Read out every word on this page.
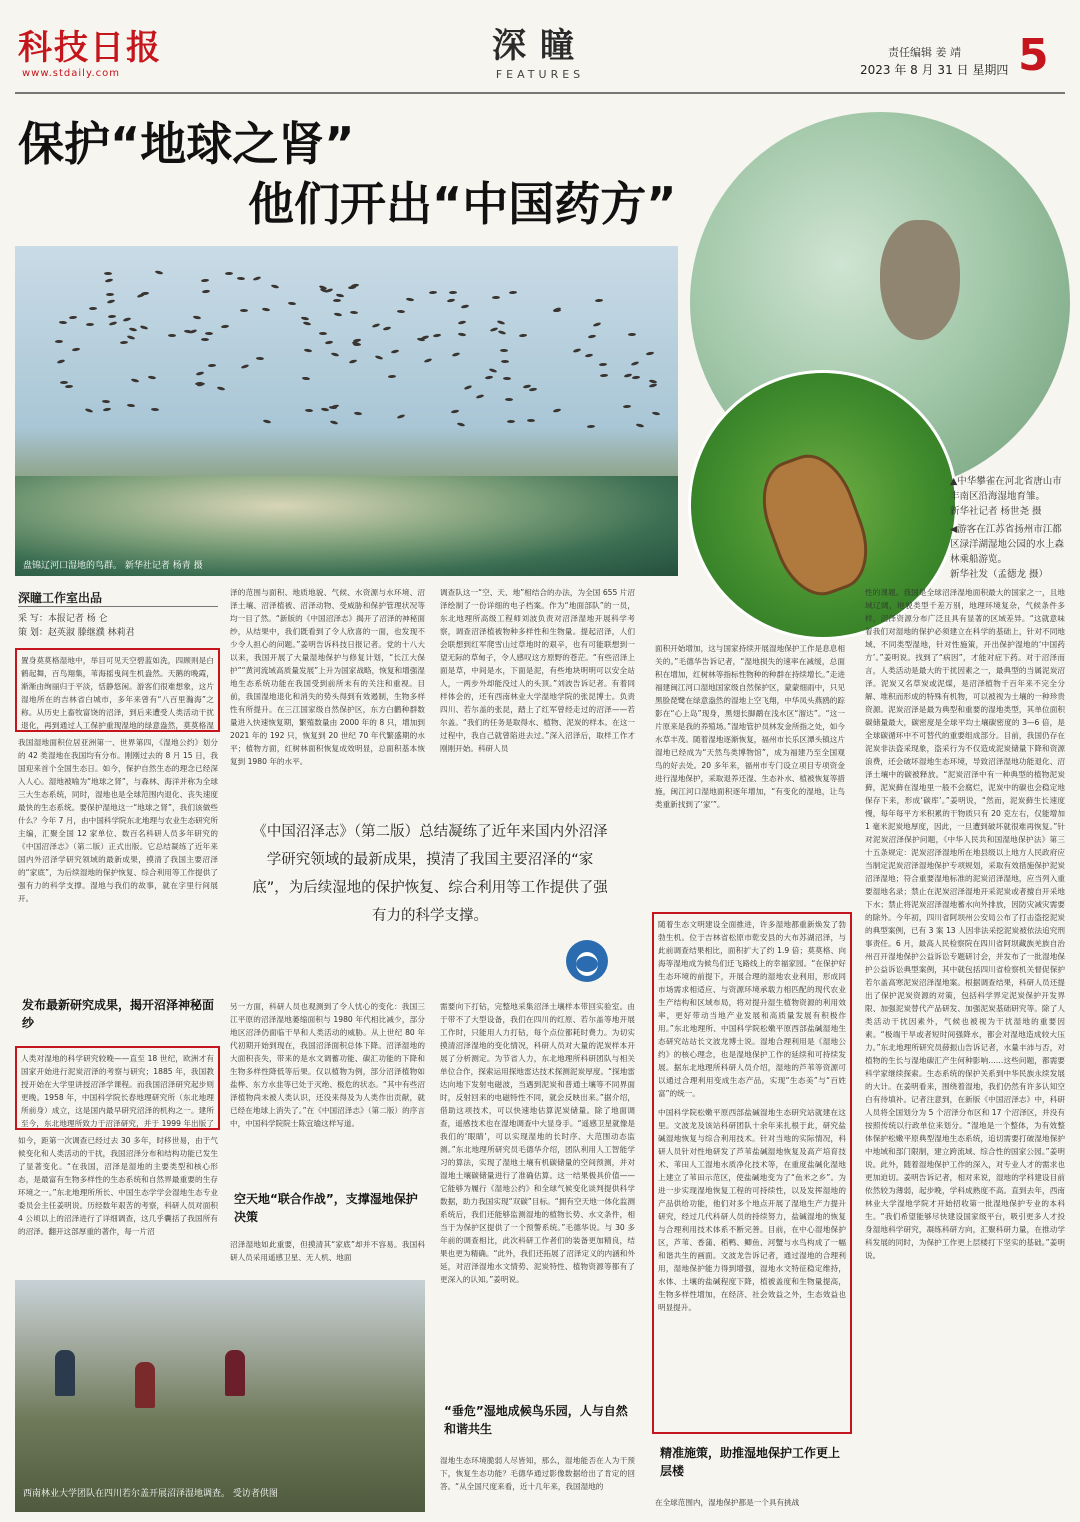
科技日报
www.stdaily.com
深瞳
FEATURES
责任编辑 姜 靖
2023 年 8 月 31 日 星期四 5
保护“地球之肾”
他们开出“中国药方”
▲中华攀雀在河北省唐山市丰南区沿海湿地育雏。
新华社记者 杨世尧 摄
◀游客在江苏省扬州市江都区渌洋湖湿地公园的水上森林乘船游览。
新华社发（孟德龙 摄）
盘锦辽河口湿地的鸟群。 新华社记者 杨青 摄
深瞳工作室出品
采 写：本报记者 杨 仑
策 划：赵英淑 滕继濮 林莉君
置身莫莫格湿地中，举目可见天空碧蓝如洗，四顾则是白鹤起舞，百鸟翔集，苇海摇曳间生机盎然。天鹅的晚霞，渐渐由绚丽归于平淡，恬静悠闲。游客们很难想象，这片湿地所在的吉林省白城市，多年来曾有“八百里瀚海”之称。从历史上畜牧富饶的沼泽，到后来遭受人类活动干扰退化，再到通过人工保护重现湿地的绿意盎然，莫莫格湿
我国湿地面积位居亚洲第一、世界第四，《湿地公约》划分的 42 类湿地在我国均有分布。刚刚过去的 8 月 15 日，我国迎来首个全国生态日。如今，保护自然生态的理念已经深入人心。湿地被喻为“地球之肾”，与森林、海洋并称为全球三大生态系统，同时，湿地也是全球范围内退化、丧失速度最快的生态系统。要保护湿地这一“地球之肾”，我们该做些什么？今年 7 月，由中国科学院东北地理与农业生态研究所主编，汇聚全国 12 家单位、数百名科研人员多年研究的《中国沼泽志》（第二版）正式出版。它总结凝练了近年来国内外沼泽学研究领域的最新成果，摸清了我国主要沼泽的“家底”，为后续湿地的保护恢复、综合利用等工作提供了强有力的科学支撑。湿地与我们的故事，就在字里行间展开。
发布最新研究成果，揭开沼泽神秘面纱
人类对湿地的科学研究较晚——直至 18 世纪，欧洲才有国家开始进行泥炭沼泽的考察与研究；1885 年，我国教授开始在大学里讲授沼泽学课程。而我国沼泽研究起步则更晚。1958 年，中国科学院长春地理研究所（东北地理所前身）成立，这是国内最早研究沼泽的机构之一。建所至今，东北地理所致力于沼泽研究，并于 1999 年出版了
如今，距第一次调查已经过去 30 多年，时移世易，由于气候变化和人类活动的干扰，我国沼泽分布和结构功能已发生了显著变化。“在我国，沼泽是湿地的主要类型和核心形态，是最富有生物多样性的生态系统和自然界最重要的生存环境之一。”东北地理所所长、中国生态学学会湿地生态专业委员会主任姜明说。历经数年艰苦的考察，科研人员对面积 4 公顷以上的沼泽进行了详细调查，这几乎囊括了我国所有的沼泽。翻开这部厚重的著作，每一片沼
泽的范围与面积、地质地貌、气候、水资源与水环境、沼泽土壤、沼泽植被、沼泽动物、受威胁和保护管理状况等均一目了然。“新版的《中国沼泽志》揭开了沼泽的神秘面纱，从结果中，我们既看到了令人欣喜的一面，也发现不少令人担心的问题。”姜明告诉科技日报记者。党的十八大以来，我国开展了大量湿地保护与修复计划，“长江大保护”“黄河流域高质量发展”上升为国家战略，恢复和增强湿地生态系统功能在我国受到前所未有的关注和重视。目前，我国湿地退化和消失的势头得到有效遏制，生物多样性有所提升。在三江国家级自然保护区，东方白鹳种群数量进入快速恢复期，繁殖数量由 2000 年的 8 只，增加到 2021 年的 192 只，恢复到 20 世纪 70 年代繁盛期的水平；植物方面，红树林面积恢复成效明显，总面积基本恢复到 1980 年的水平。
另一方面，科研人员也观测到了令人忧心的变化：我国三江平原的沼泽湿地萎缩面积与 1980 年代相比减少，部分地区沼泽仍面临干旱和人类活动的威胁。从上世纪 80 年代初期开始到现在，我国沼泽面积总体下降。沼泽湿地的大面积丧失，带来的是水文调蓄功能、碳汇功能的下降和生物多样性降低等后果。仅以植物为例，部分沼泽植物如盐桦、东方水韭等已处于灭绝、极危的状态。“其中有些沼泽植物尚未被人类认识，还没来得及为人类作出贡献，就已经在地球上消失了。”在《中国沼泽志》（第二版）的序言中，中国科学院院士陈宜瑜这样写道。
空天地“联合作战”，支撑湿地保护决策
沼泽湿地如此重要，但摸清其“家底”却并不容易。我国科研人员采用遥感卫星、无人机、地面
调查队这一“空、天、地”相结合的办法，为全国 655 片沼泽绘制了一份详细的电子档案。作为“地面部队”的一员，东北地理所高级工程师刘波负责对沼泽湿地开展科学考察，调查沼泽植被物种多样性和生物量。提起沼泽，人们会联想到红军爬雪山过草地时的艰辛，也有可能联想到一望无际的草甸子，令人感叹这方原野的苍茫。“有些沼泽上面是草，中间是水，下面是泥，有些地块明明可以安全站人，一两步外却能没过人的头顶。”刘波告诉记者。有着同样体会的，还有西南林业大学湿地学院的张昆博士。负责四川、若尔盖的张昆，踏上了红军曾经走过的沼泽——若尔盖。“我们的任务是取得水、植物、泥炭的样本。在这一过程中，我自己就曾陷进去过。”深入沼泽后，取样工作才刚刚开始。科研人员
需要向下打钻，完整地采集沼泽土壤样本带回实验室。由于带不了大型设备，我们在四川的红原、若尔盖等地开展工作时，只能用人力打钻，每个点位都耗时费力。为切实摸清沼泽湿地的变化情况，科研人员对大量的泥炭样本开展了分析测定。为节省人力，东北地理所科研团队与相关单位合作，探索运用探地雷达技术探测泥炭厚度。“探地雷达向地下发射电磁波，当遇到泥炭和普通土壤等不同界面时，反射回来的电磁特性不同，就会反映出来。”据介绍，借助这项技术，可以快速地估算泥炭储量。除了地面调查，遥感技术也在湿地调查中大显身手。“遥感卫星就像是我们的‘眼睛’，可以实现湿地的长时序、大范围动态监测。”东北地理所研究员毛德华介绍，团队利用人工智能学习的算法，实现了湿地土壤有机碳储量的空间预测，并对湿地土壤碳储量进行了准确估算。这一结果极具价值——它能够为履行《湿地公约》和全球气候变化谈判提供科学数据，助力我国实现“双碳”目标。“拥有空天地一体化监测系统后，我们还能够监测湿地的植物长势、水文条件，相当于为保护区提供了一个预警系统。”毛德华说。与 30 多年前的调查相比，此次科研工作者们的装备更加精良，结果也更为精确。“此外，我们还拓展了沼泽定义的内涵和外延，对沼泽湿地水文情势、泥炭特性、植物资源等都有了更深入的认知。”姜明说。
“垂危”湿地成候鸟乐园，人与自然和谐共生
湿地生态环境脆弱人尽皆知，那么，湿地能否在人为干预下，恢复生态功能？毛德华通过影像数据给出了肯定的回答。“从全国尺度来看，近十几年来，我国湿地的
《中国沼泽志》（第二版）总结凝练了近年来国内外沼泽学研究领域的最新成果，摸清了我国主要沼泽的“家底”，为后续湿地的保护恢复、综合利用等工作提供了强有力的科学支撑。
面积开始增加，这与国家持续开展湿地保护工作是息息相关的。”毛德华告诉记者，“湿地损失的速率在减缓，总面积在增加，红树林等指标性物种的种群在持续增长。”走进福建闽江河口湿地国家级自然保护区，蒙蒙细雨中，只见黑脸琵鹭在绿意盎然的湿地上空飞翔，中华凤头燕鸥的踪影在“心上岛”现身，黑翅长脚鹬在浅水区“溜达”。“这一片原来是我的养殖场。”湿地管护员林发金所指之处，如今水草丰茂。随着湿地逐渐恢复，福州市长乐区潭头镇这片湿地已经成为“天然鸟类博物馆”，成为福建乃至全国观鸟的好去处。20 多年来，福州市专门设立项目专项资金进行湿地保护，采取退养还湿、生态补水、植被恢复等措施，闽江河口湿地面积逐年增加，“有变化的湿地，让鸟类重新找到了‘家’”。
随着生态文明建设全面推进，许多湿地都重新焕发了勃勃生机。位于吉林省松原市乾安县的大布苏湖沼泽，与此前调查结果相比，面积扩大了约 1.9 倍；莫莫格、向海等湿地成为候鸟们迁飞路线上的幸福家园。“在保护好生态环境的前提下，开展合理的湿地农业利用，形成同市场需求相适应、与资源环境承载力相匹配的现代农业生产结构和区域布局，将对提升湿生植物资源的利用效率，更好带动当地产业发展和高质量发展有积极作用。”东北地理所、中国科学院松嫩平原西部盐碱湿地生态研究站站长文波龙博士说。湿地合理利用是《湿地公约》的核心理念，也是湿地保护工作的延续和可持续发展。据东北地理所科研人员介绍，湿地的芦苇等资源可以通过合理利用变成生态产品，实现“生态美”与“百姓富”的统一。
中国科学院松嫩平原西部盐碱湿地生态研究站就建在这里。文波龙及该站科研团队十余年来扎根于此，研究盐碱湿地恢复与综合利用技术。针对当地的实际情况，科研人员针对性地研发了芦苇盐碱湿地恢复及高产培育技术、苇田人工湿地水质净化技术等，在重度盐碱化湿地上建立了苇田示范区，使盐碱地变为了“鱼米之乡”。为进一步实现湿地恢复工程的可持续性，以及发挥湿地的产品供给功能，他们对多个地点开展了湿地生产力提升研究，经过几代科研人员的持续努力，盐碱湿地的恢复与合理利用技术体系不断完善。目前，在中心湿地保护区，芦苇、香蒲、稻鸭、鲫鱼、河蟹与水鸟构成了一幅和谐共生的画面。文波龙告诉记者，通过湿地的合理利用，湿地保护能力得到增强，湿地水文特征稳定维持，水体、土壤的盐碱程度下降，植被盖度和生物量提高，生物多样性增加，在经济、社会效益之外，生态效益也明显提升。
精准施策，助推湿地保护工作更上层楼
在全球范围内，湿地保护都是一个具有挑战
性的课题。我国是全球沼泽湿地面积最大的国家之一，且地域辽阔，地貌类型千差万别，地理环境复杂，气候条件多样，沼泽资源分布广泛且具有显著的区域差异。“这就意味着我们对湿地的保护必须建立在科学的基础上，针对不同地域、不同类型湿地，针对性施策，开出保护湿地的‘中国药方’。”姜明说。找到了“病因”，才能对症下药。对于沼泽而言，人类活动是最大的干扰因素之一，最典型的当属泥炭沼泽。泥炭又名草炭或泥煤，是沼泽植物千百年来不完全分解、堆积而形成的特殊有机物，可以被视为土壤的一种珍贵资源。泥炭沼泽是最为典型和重要的湿地类型，其单位面积碳储量最大，碳密度是全球平均土壤碳密度的 3—6 倍，是全球碳循环中不可替代的重要组成部分。目前，我国仍存在泥炭非法盗采现象，盗采行为不仅造成泥炭储量下降和资源浪费，还会破坏湿地生态环境，导致沼泽湿地功能退化、沼泽土壤中的碳被释放。“泥炭沼泽中有一种典型的植物泥炭藓，泥炭藓在湿地里一般不会腐烂，泥炭中的碳也会稳定地保存下来，形成‘碳库’。”姜明说，“然而，泥炭藓生长速度慢，每年每平方米积累的干物质只有 20 克左右，仅能增加 1 毫米泥炭地厚度，因此，一旦遭到破坏就很难再恢复。”针对泥炭沼泽保护问题，《中华人民共和国湿地保护法》第三十五条规定：泥炭沼泽湿地所在地县级以上地方人民政府应当制定泥炭沼泽湿地保护专项规划，采取有效措施保护泥炭沼泽湿地；符合重要湿地标准的泥炭沼泽湿地，应当列入重要湿地名录；禁止在泥炭沼泽湿地开采泥炭或者擅自开采地下水；禁止将泥炭沼泽湿地蓄水向外排放，因防灾减灾需要的除外。今年初，四川省阿坝州公安局公布了打击盗挖泥炭的典型案例，已有 3 案 13 人因非法采挖泥炭被依法追究刑事责任。6 月，最高人民检察院在四川省阿坝藏族羌族自治州召开湿地保护公益诉讼专题研讨会，并发布了一批湿地保护公益诉讼典型案例，其中就包括四川省检察机关督促保护若尔盖高寒泥炭沼泽湿地案。根据调查结果，科研人员还提出了保护泥炭资源的对策，包括科学界定泥炭保护开发界限、加强泥炭替代产品研发、加强泥炭基础研究等。除了人类活动干扰因素外，气候也被视为干扰湿地的重要因素。“极端干旱或者短时间强降水，都会对湿地造成较大压力。”东北地理所研究员薛振山告诉记者，水量丰沛与否，对植物的生长与湿地碳汇产生何种影响……这些问题，都需要科学家继续探索。生态系统的保护关系到中华民族永续发展的大计。在姜明看来，围绕着湿地，我们仍然有许多认知空白有待填补。记者注意到，在新版《中国沼泽志》中，科研人员将全国划分为 5 个沼泽分布区和 17 个沼泽区，并没有按照传统以行政单位来划分。“湿地是一个整体，为有效整体保护松嫩平原典型湿地生态系统，追切需要打破湿地保护中地域和部门限制，建立跨流域、综合性的国家公园。”姜明说。此外，随着湿地保护工作的深入，对专业人才的需求也更加迫切。姜明告诉记者，相对来说，湿地的学科建设目前依然较为薄弱，起步晚，学科成熟度不高。直到去年，西南林业大学湿地学院才开始招收第一批湿地保护专业的本科生。“我们希望能够尽快建设国家级平台，吸引更多人才投身湿地科学研究，凝练科研方向，汇聚科研力量，在推动学科发展的同时，为保护工作更上层楼打下坚实的基础。”姜明说。
西南林业大学团队在四川若尔盖开展沼泽湿地调查。 受访者供图
